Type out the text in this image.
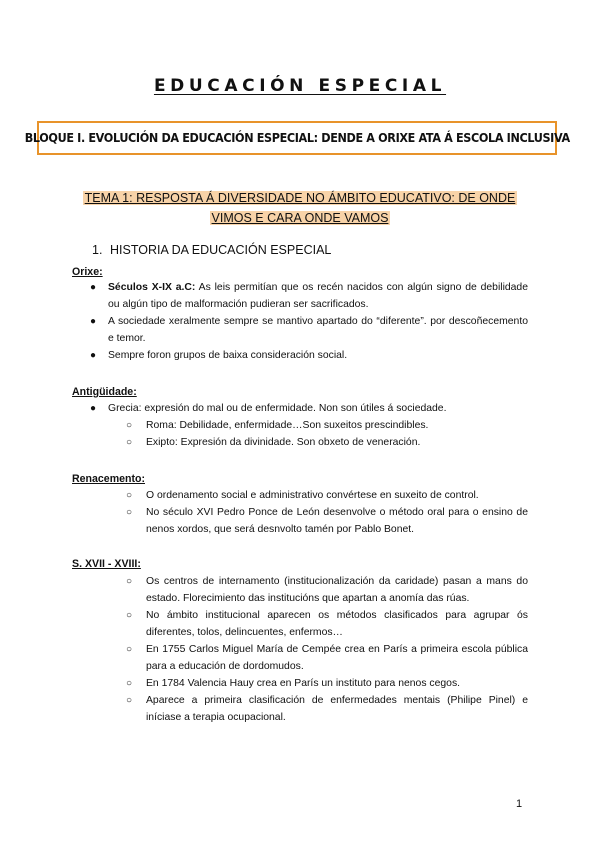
EDUCACIÓN ESPECIAL
BLOQUE I. EVOLUCIÓN DA EDUCACIÓN ESPECIAL: DENDE A ORIXE ATA Á ESCOLA INCLUSIVA

TEMA 1: RESPOSTA Á DIVERSIDADE NO ÁMBITO EDUCATIVO: DE ONDE
VIMOS E CARA ONDE VAMOS

1. HISTORIA DA EDUCACIÓN ESPECIAL

Orixe:

●	Séculos X-IX a.C: As leis permitían que os recén nacidos con algún signo de debilidade ou algún tipo de malformación pudieran ser sacrificados.
●	A sociedade xeralmente sempre se mantivo apartado do “diferente”. por descoñecemento e temor.
●	Sempre foron grupos de baixa consideración social.

Antigüidade:

●	Grecia: expresión do mal ou de enfermidade. Non son útiles á sociedade.
○	Roma: Debilidade, enfermidade…Son suxeitos prescindibles.
○	Exipto: Expresión da divinidade. Son obxeto de veneración.

Renacemento:

○	O ordenamento social e administrativo convértese en suxeito de control.
○	No século XVI Pedro Ponce de León desenvolve o método oral para o ensino de nenos xordos, que será desnvolto tamén por Pablo Bonet.

S. XVII - XVIII:

○	Os centros de internamento (institucionalización da caridade) pasan a mans do estado. Florecimiento das institucións que apartan a anomía das rúas.
○	No ámbito institucional aparecen os métodos clasificados para agrupar ós diferentes, tolos, delincuentes, enfermos…
○	En 1755 Carlos Miguel María de Cempée crea en París a primeira escola pública para a educación de dordomudos.
○	En 1784 Valencia Hauy crea en París un instituto para nenos cegos.
○	Aparece a primeira clasificación de enfermedades mentais (Philipe Pinel) e iníciase a terapia ocupacional.
1
